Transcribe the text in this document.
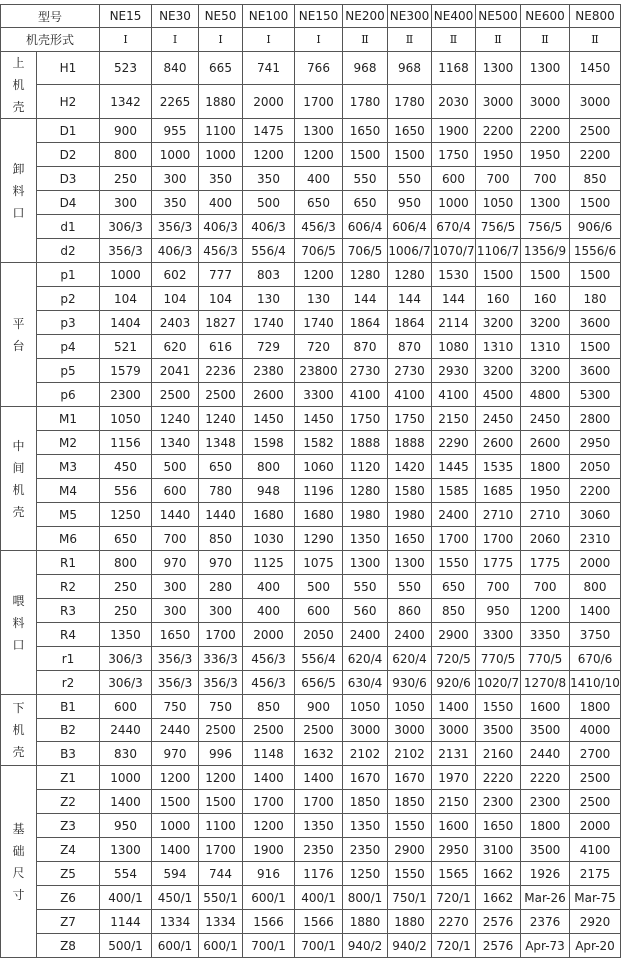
型号		NE15	NE30	NE50	NE100	NE150	NE200	NE300	NE400	NE500	NE600	NE800
机壳形式		I	I	I	I	I	Ⅱ	Ⅱ	Ⅱ	Ⅱ	Ⅱ	Ⅱ

上
机
壳	H1	523	840	665	741	766	968	968	1168	1300	1300	1450
	H2	1342	2265	1880	2000	1700	1780	1780	2030	3000	3000	3000

卸
料
口	D1	900	955	1100	1475	1300	1650	1650	1900	2200	2200	2500
	D2	800	1000	1000	1200	1200	1500	1500	1750	1950	1950	2200
	D3	250	300	350	350	400	550	550	600	700	700	850
	D4	300	350	400	500	650	650	950	1000	1050	1300	1500
	d1	306/3	356/3	406/3	406/3	456/3	606/4	606/4	670/4	756/5	756/5	906/6
	d2	356/3	406/3	456/3	556/4	706/5	706/5	1006/7	1070/7	1106/7	1356/9	1556/6

平
台	p1	1000	602	777	803	1200	1280	1280	1530	1500	1500	1500
	p2	104	104	104	130	130	144	144	144	160	160	180
	p3	1404	2403	1827	1740	1740	1864	1864	2114	3200	3200	3600
	p4	521	620	616	729	720	870	870	1080	1310	1310	1500
	p5	1579	2041	2236	2380	23800	2730	2730	2930	3200	3200	3600
	p6	2300	2500	2500	2600	3300	4100	4100	4100	4500	4800	5300

中
间
机
壳	M1	1050	1240	1240	1450	1450	1750	1750	2150	2450	2450	2800
	M2	1156	1340	1348	1598	1582	1888	1888	2290	2600	2600	2950
	M3	450	500	650	800	1060	1120	1420	1445	1535	1800	2050
	M4	556	600	780	948	1196	1280	1580	1585	1685	1950	2200
	M5	1250	1440	1440	1680	1680	1980	1980	2400	2710	2710	3060
	M6	650	700	850	1030	1290	1350	1650	1700	1700	2060	2310

喂
料
口	R1	800	970	970	1125	1075	1300	1300	1550	1775	1775	2000
	R2	250	300	280	400	500	550	550	650	700	700	800
	R3	250	300	300	400	600	560	860	850	950	1200	1400
	R4	1350	1650	1700	2000	2050	2400	2400	2900	3300	3350	3750
	r1	306/3	356/3	336/3	456/3	556/4	620/4	620/4	720/5	770/5	770/5	670/6
	r2	306/3	356/3	356/3	456/3	656/5	630/4	930/6	920/6	1020/7	1270/8	1410/10

下
机
壳	B1	600	750	750	850	900	1050	1050	1400	1550	1600	1800
	B2	2440	2440	2500	2500	2500	3000	3000	3000	3500	3500	4000
	B3	830	970	996	1148	1632	2102	2102	2131	2160	2440	2700

基
础
尺
寸	Z1	1000	1200	1200	1400	1400	1670	1670	1970	2220	2220	2500
	Z2	1400	1500	1500	1700	1700	1850	1850	2150	2300	2300	2500
	Z3	950	1000	1100	1200	1350	1350	1550	1600	1650	1800	2000
	Z4	1300	1400	1700	1900	2350	2350	2900	2950	3100	3500	4100
	Z5	554	594	744	916	1176	1250	1550	1565	1662	1926	2175
	Z6	400/1	450/1	550/1	600/1	400/1	800/1	750/1	720/1	1662	Mar-26	Mar-75
	Z7	1144	1334	1334	1566	1566	1880	1880	2270	2576	2376	2920
	Z8	500/1	600/1	600/1	700/1	700/1	940/2	940/2	720/1	2576	Apr-73	Apr-20
